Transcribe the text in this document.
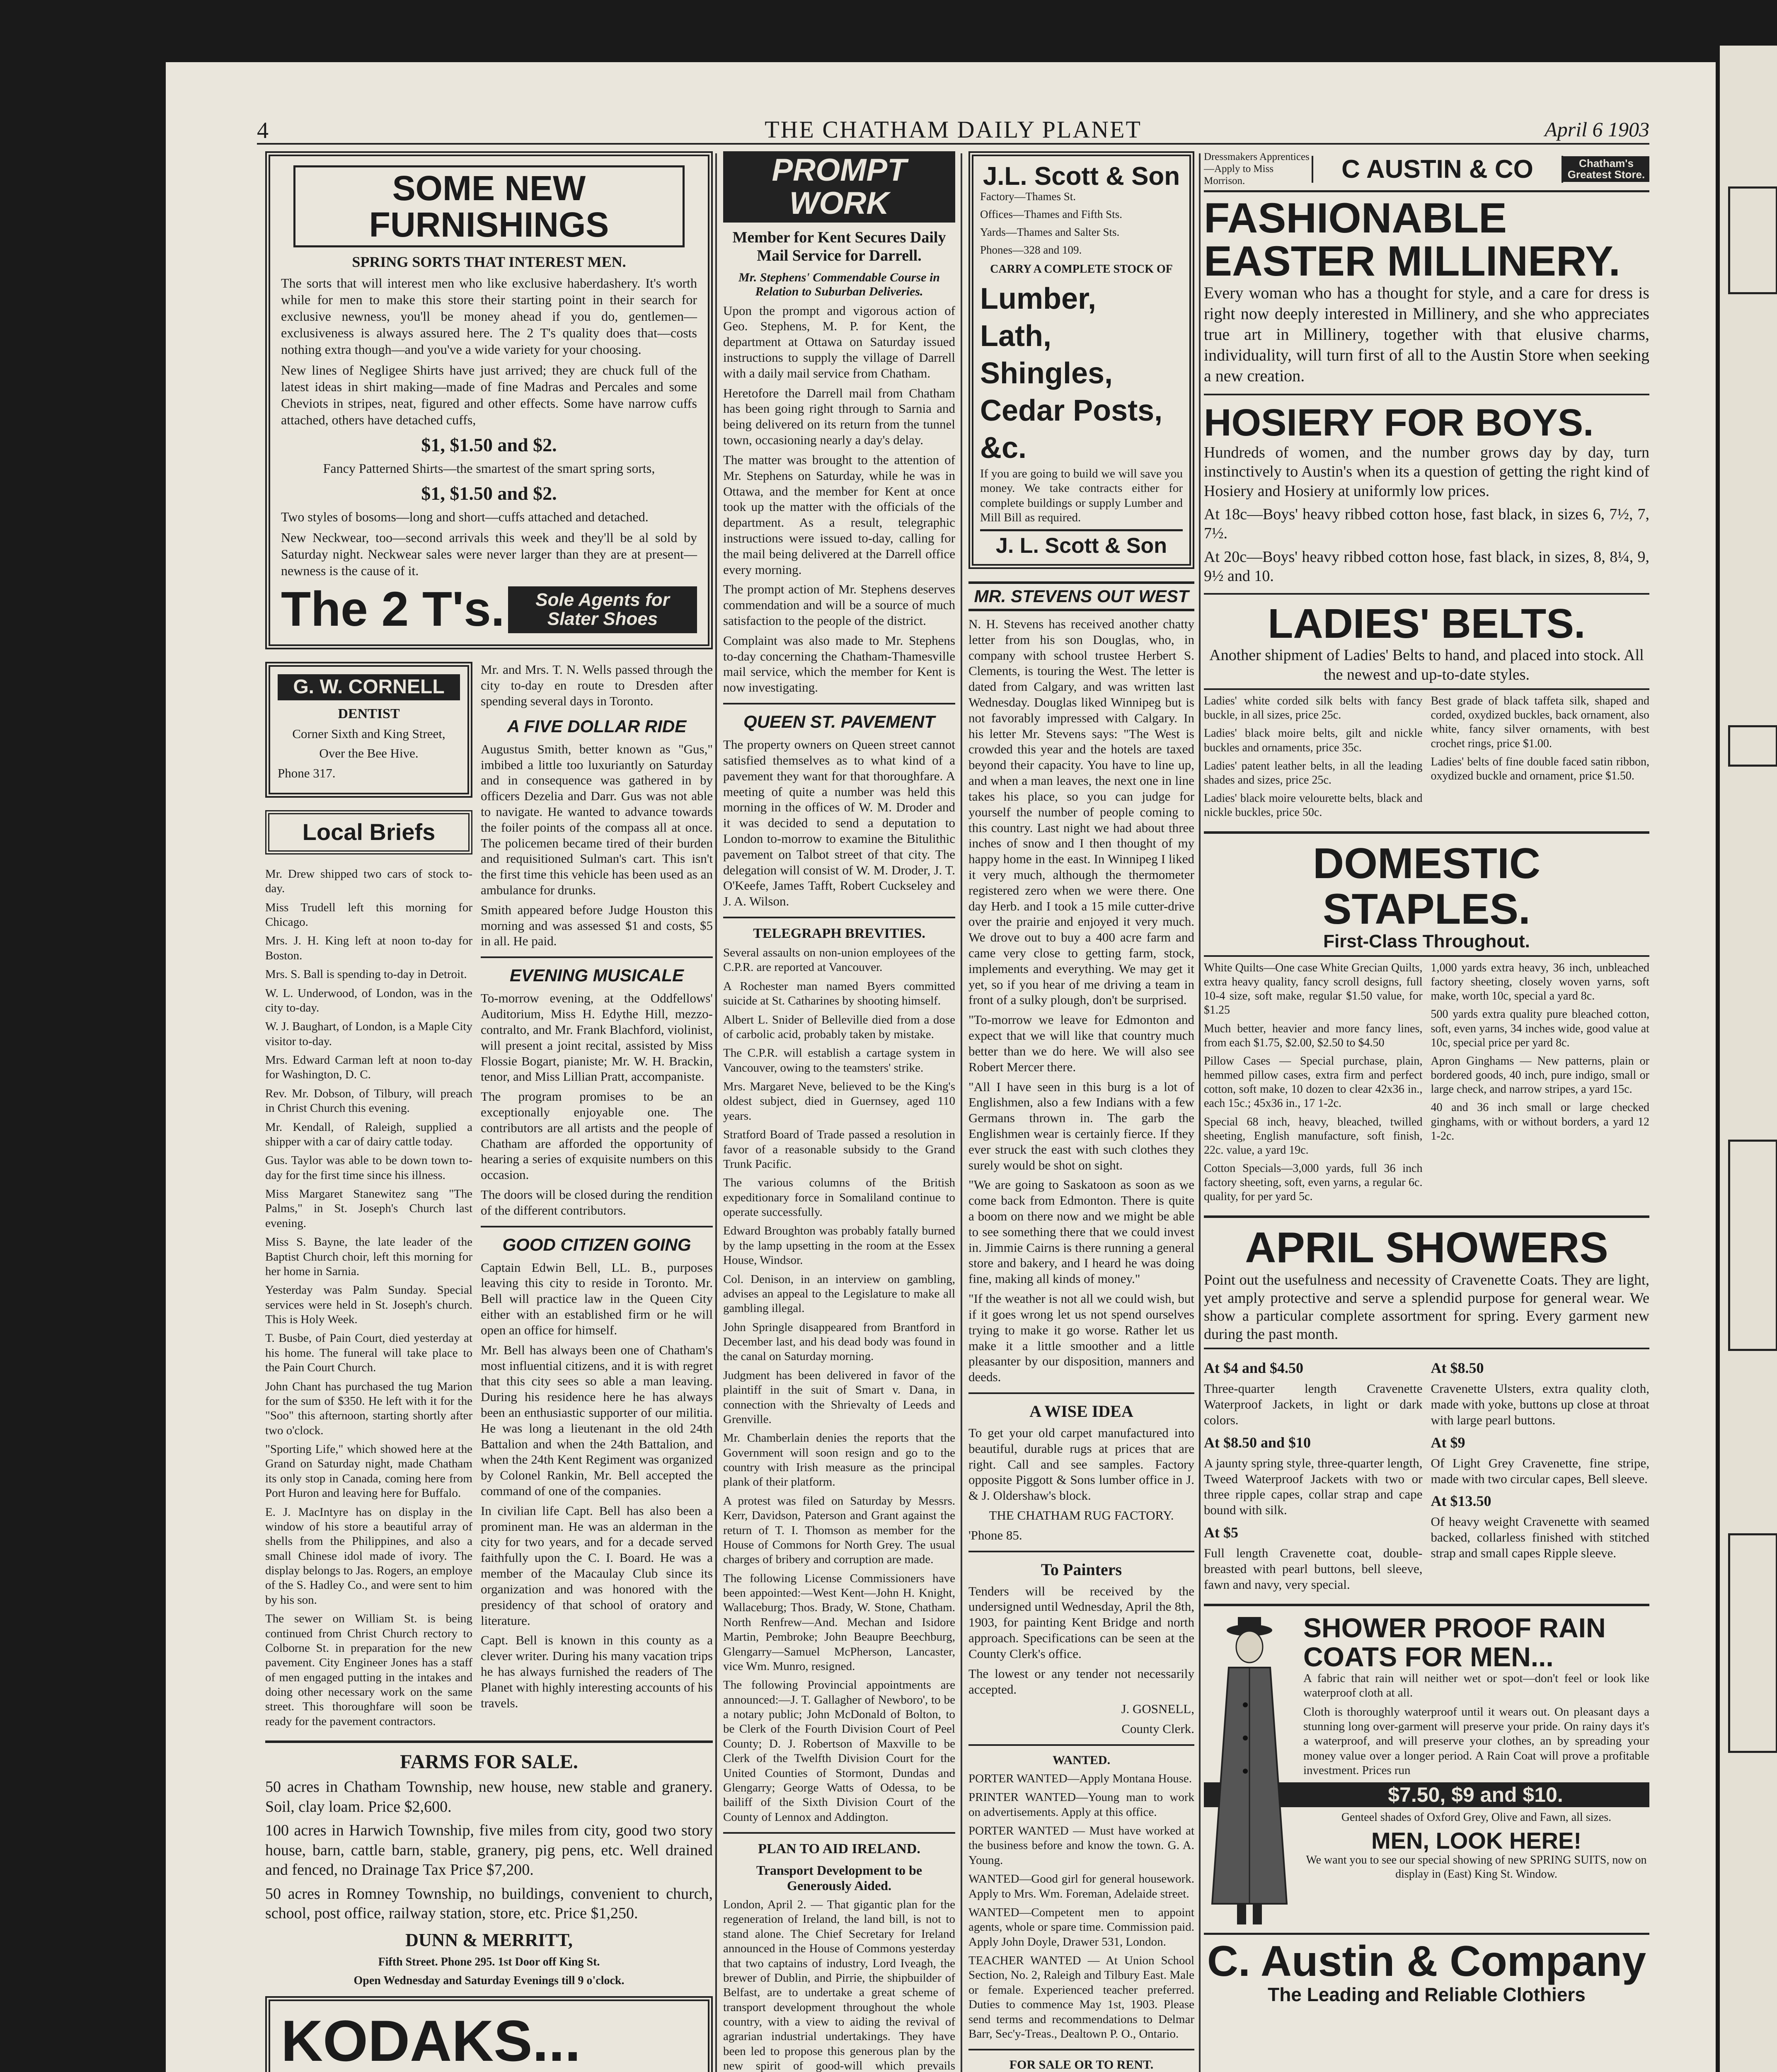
4	THE CHATHAM DAILY PLANET	April 6 1903
SOME NEW FURNISHINGS
SPRING SORTS THAT INTEREST MEN.

The sorts that will interest men who like exclusive haberdashery. It's worth while for men to make this store their starting point in their search for exclusive newness, you'll be money ahead if you do, gentlemen—exclusiveness is always assured here. The 2 T's quality does that—costs nothing extra though—and you've a wide variety for your choosing.

New lines of Negligee Shirts have just arrived; they are chuck full of the latest ideas in shirt making—made of fine Madras and Percales and some Cheviots in stripes, neat, figured and other effects. Some have narrow cuffs attached, others have detached cuffs,

$1, $1.50 and $2.

Fancy Patterned Shirts—the smartest of the smart spring sorts,

$1, $1.50 and $2.

Two styles of bosoms—long and short—cuffs attached and detached.

New Neckwear, too—second arrivals this week and they'll be al sold by Saturday night. Neckwear sales were never larger than they are at present—newness is the cause of it.

The 2 T's.	Sole Agents for Slater Shoes
G. W. CORNELL
DENTIST

Corner Sixth and King Street,

Over the Bee Hive.

Phone 317.

Local Briefs

Mr. Drew shipped two cars of stock to-day.

Miss Trudell left this morning for Chicago.

Mrs. J. H. King left at noon to-day for Boston.

Mrs. S. Ball is spending to-day in Detroit.

W. L. Underwood, of London, was in the city to-day.

W. J. Baughart, of London, is a Maple City visitor to-day.

Mrs. Edward Carman left at noon to-day for Washington, D. C.

Rev. Mr. Dobson, of Tilbury, will preach in Christ Church this evening.

Mr. Kendall, of Raleigh, supplied a shipper with a car of dairy cattle today.

Gus. Taylor was able to be down town to-day for the first time since his illness.

Miss Margaret Stanewitez sang "The Palms," in St. Joseph's Church last evening.

Miss S. Bayne, the late leader of the Baptist Church choir, left this morning for her home in Sarnia.

Yesterday was Palm Sunday. Special services were held in St. Joseph's church. This is Holy Week.

T. Busbe, of Pain Court, died yesterday at his home. The funeral will take place to the Pain Court Church.

John Chant has purchased the tug Marion for the sum of $350. He left with it for the "Soo" this afternoon, starting shortly after two o'clock.

"Sporting Life," which showed here at the Grand on Saturday night, made Chatham its only stop in Canada, coming here from Port Huron and leaving here for Buffalo.

E. J. MacIntyre has on display in the window of his store a beautiful array of shells from the Philippines, and also a small Chinese idol made of ivory. The display belongs to Jas. Rogers, an employe of the S. Hadley Co., and were sent to him by his son.

The sewer on William St. is being continued from Christ Church rectory to Colborne St. in preparation for the new pavement. City Engineer Jones has a staff of men engaged putting in the intakes and doing other necessary work on the same street. This thoroughfare will soon be ready for the pavement contractors.

Mr. and Mrs. T. N. Wells passed through the city to-day en route to Dresden after spending several days in Toronto.

A FIVE DOLLAR RIDE

Augustus Smith, better known as "Gus," imbibed a little too luxuriantly on Saturday and in consequence was gathered in by officers Dezelia and Darr. Gus was not able to navigate. He wanted to advance towards the foiler points of the compass all at once. The policemen became tired of their burden and requisitioned Sulman's cart. This isn't the first time this vehicle has been used as an ambulance for drunks.

Smith appeared before Judge Houston this morning and was assessed $1 and costs, $5 in all. He paid.

EVENING MUSICALE

To-morrow evening, at the Oddfellows' Auditorium, Miss H. Edythe Hill, mezzo-contralto, and Mr. Frank Blachford, violinist, will present a joint recital, assisted by Miss Flossie Bogart, pianiste; Mr. W. H. Brackin, tenor, and Miss Lillian Pratt, accompaniste.

The program promises to be an exceptionally enjoyable one. The contributors are all artists and the people of Chatham are afforded the opportunity of hearing a series of exquisite numbers on this occasion.

The doors will be closed during the rendition of the different contributors.

GOOD CITIZEN GOING

Captain Edwin Bell, LL. B., purposes leaving this city to reside in Toronto. Mr. Bell will practice law in the Queen City either with an established firm or he will open an office for himself.

Mr. Bell has always been one of Chatham's most influential citizens, and it is with regret that this city sees so able a man leaving. During his residence here he has always been an enthusiastic supporter of our militia. He was long a lieutenant in the old 24th Battalion and when the 24th Battalion, and when the 24th Kent Regiment was organized by Colonel Rankin, Mr. Bell accepted the command of one of the companies.

In civilian life Capt. Bell has also been a prominent man. He was an alderman in the city for two years, and for a decade served faithfully upon the C. I. Board. He was a member of the Macaulay Club since its organization and was honored with the presidency of that school of oratory and literature.

Capt. Bell is known in this county as a clever writer. During his many vacation trips he has always furnished the readers of The Planet with highly interesting accounts of his travels.

FARMS FOR SALE.

50 acres in Chatham Township, new house, new stable and granery. Soil, clay loam. Price $2,600.

100 acres in Harwich Township, five miles from city, good two story house, barn, cattle barn, stable, granery, pig pens, etc. Well drained and fenced, no Drainage Tax Price $7,200.

50 acres in Romney Township, no buildings, convenient to church, school, post office, railway station, store, etc. Price $1,250.

DUNN & MERRITT,

Fifth Street. Phone 295. 1st Door off King St.

Open Wednesday and Saturday Evenings till 9 o'clock.

KODAKS...

PROMPT WORK
Member for Kent Secures Daily Mail Service for Darrell.
Mr. Stephens' Commendable Course in Relation to Suburban Deliveries.

Upon the prompt and vigorous action of Geo. Stephens, M. P. for Kent, the department at Ottawa on Saturday issued instructions to supply the village of Darrell with a daily mail service from Chatham.

Heretofore the Darrell mail from Chatham has been going right through to Sarnia and being delivered on its return from the tunnel town, occasioning nearly a day's delay.

The matter was brought to the attention of Mr. Stephens on Saturday, while he was in Ottawa, and the member for Kent at once took up the matter with the officials of the department. As a result, telegraphic instructions were issued to-day, calling for the mail being delivered at the Darrell office every morning.

The prompt action of Mr. Stephens deserves commendation and will be a source of much satisfaction to the people of the district.

Complaint was also made to Mr. Stephens to-day concerning the Chatham-Thamesville mail service, which the member for Kent is now investigating.

QUEEN ST. PAVEMENT

The property owners on Queen street cannot satisfied themselves as to what kind of a pavement they want for that thoroughfare. A meeting of quite a number was held this morning in the offices of W. M. Droder and it was decided to send a deputation to London to-morrow to examine the Bitulithic pavement on Talbot street of that city. The delegation will consist of W. M. Droder, J. T. O'Keefe, James Tafft, Robert Cuckseley and J. A. Wilson.

TELEGRAPH BREVITIES.

Several assaults on non-union employees of the C.P.R. are reported at Vancouver.

A Rochester man named Byers committed suicide at St. Catharines by shooting himself.

Albert L. Snider of Belleville died from a dose of carbolic acid, probably taken by mistake.

The C.P.R. will establish a cartage system in Vancouver, owing to the teamsters' strike.

Mrs. Margaret Neve, believed to be the King's oldest subject, died in Guernsey, aged 110 years.

Stratford Board of Trade passed a resolution in favor of a reasonable subsidy to the Grand Trunk Pacific.

The various columns of the British expeditionary force in Somaliland continue to operate successfully.

Edward Broughton was probably fatally burned by the lamp upsetting in the room at the Essex House, Windsor.

Col. Denison, in an interview on gambling, advises an appeal to the Legislature to make all gambling illegal.

John Springle disappeared from Brantford in December last, and his dead body was found in the canal on Saturday morning.

Judgment has been delivered in favor of the plaintiff in the suit of Smart v. Dana, in connection with the Shrievalty of Leeds and Grenville.

Mr. Chamberlain denies the reports that the Government will soon resign and go to the country with Irish measure as the principal plank of their platform.

A protest was filed on Saturday by Messrs. Kerr, Davidson, Paterson and Grant against the return of T. I. Thomson as member for the House of Commons for North Grey. The usual charges of bribery and corruption are made.

The following License Commissioners have been appointed:—West Kent—John H. Knight, Wallaceburg; Thos. Brady, W. Stone, Chatham. North Renfrew—And. Mechan and Isidore Martin, Pembroke; John Beaupre Beechburg, Glengarry—Samuel McPherson, Lancaster, vice Wm. Munro, resigned.

The following Provincial appointments are announced:—J. T. Gallagher of Newboro', to be a notary public; John McDonald of Bolton, to be Clerk of the Fourth Division Court of Peel County; D. J. Robertson of Maxville to be Clerk of the Twelfth Division Court for the United Counties of Stormont, Dundas and Glengarry; George Watts of Odessa, to be bailiff of the Sixth Division Court of the County of Lennox and Addington.

PLAN TO AID IRELAND.
Transport Development to be Generously Aided.

London, April 2. — That gigantic plan for the regeneration of Ireland, the land bill, is not to stand alone. The Chief Secretary for Ireland announced in the House of Commons yesterday that two captains of industry, Lord Iveagh, the brewer of Dublin, and Pirrie, the shipbuilder of Belfast, are to undertake a great scheme of transport development throughout the whole country, with a view to aiding the revival of agrarian industrial undertakings. They have been led to propose this generous plan by the new spirit of good-will which prevails

J.L. Scott & Son

Factory—Thames St.

Offices—Thames and Fifth Sts.

Yards—Thames and Salter Sts.

Phones—328 and 109.

CARRY A COMPLETE STOCK OF
Lumber,
Lath,
Shingles,
Cedar Posts,
&c.

If you are going to build we will save you money. We take contracts either for complete buildings or supply Lumber and Mill Bill as required.

J. L. Scott & Son
MR. STEVENS OUT WEST

N. H. Stevens has received another chatty letter from his son Douglas, who, in company with school trustee Herbert S. Clements, is touring the West. The letter is dated from Calgary, and was written last Wednesday. Douglas liked Winnipeg but is not favorably impressed with Calgary. In his letter Mr. Stevens says: "The West is crowded this year and the hotels are taxed beyond their capacity. You have to line up, and when a man leaves, the next one in line takes his place, so you can judge for yourself the number of people coming to this country. Last night we had about three inches of snow and I then thought of my happy home in the east. In Winnipeg I liked it very much, although the thermometer registered zero when we were there. One day Herb. and I took a 15 mile cutter-drive over the prairie and enjoyed it very much. We drove out to buy a 400 acre farm and came very close to getting farm, stock, implements and everything. We may get it yet, so if you hear of me driving a team in front of a sulky plough, don't be surprised.

"To-morrow we leave for Edmonton and expect that we will like that country much better than we do here. We will also see Robert Mercer there.

"All I have seen in this burg is a lot of Englishmen, also a few Indians with a few Germans thrown in. The garb the Englishmen wear is certainly fierce. If they ever struck the east with such clothes they surely would be shot on sight.

"We are going to Saskatoon as soon as we come back from Edmonton. There is quite a boom on there now and we might be able to see something there that we could invest in. Jimmie Cairns is there running a general store and bakery, and I heard he was doing fine, making all kinds of money."

"If the weather is not all we could wish, but if it goes wrong let us not spend ourselves trying to make it go worse. Rather let us make it a little smoother and a little pleasanter by our disposition, manners and deeds.

A WISE IDEA

To get your old carpet manufactured into beautiful, durable rugs at prices that are right. Call and see samples. Factory opposite Piggott & Sons lumber office in J. & J. Oldershaw's block.

THE CHATHAM RUG FACTORY.

'Phone 85.

To Painters

Tenders will be received by the undersigned until Wednesday, April the 8th, 1903, for painting Kent Bridge and north approach. Specifications can be seen at the County Clerk's office.

The lowest or any tender not necessarily accepted.

J. GOSNELL,

County Clerk.

WANTED.

PORTER WANTED—Apply Montana House.

PRINTER WANTED—Young man to work on advertisements. Apply at this office.

PORTER WANTED — Must have worked at the business before and know the town. G. A. Young.

WANTED—Good girl for general housework. Apply to Mrs. Wm. Foreman, Adelaide street.

WANTED—Competent men to appoint agents, whole or spare time. Commission paid. Apply John Doyle, Drawer 531, London.

TEACHER WANTED — At Union School Section, No. 2, Raleigh and Tilbury East. Male or female. Experienced teacher preferred. Duties to commence May 1st, 1903. Please send terms and recommendations to Delmar Barr, Sec'y-Treas., Dealtown P. O., Ontario.

FOR SALE OR TO RENT.

Dressmakers Apprentices—Apply to Miss Morrison.	C AUSTIN & CO	Chatham's Greatest Store.
FASHIONABLE EASTER MILLINERY.

Every woman who has a thought for style, and a care for dress is right now deeply interested in Millinery, and she who appreciates true art in Millinery, together with that elusive charms, individuality, will turn first of all to the Austin Store when seeking a new creation.

HOSIERY FOR BOYS.

Hundreds of women, and the number grows day by day, turn instinctively to Austin's when its a question of getting the right kind of Hosiery and Hosiery at uniformly low prices.

At 18c—Boys' heavy ribbed cotton hose, fast black, in sizes 6, 7½, 7, 7½.

At 20c—Boys' heavy ribbed cotton hose, fast black, in sizes, 8, 8¼, 9, 9½ and 10.

LADIES' BELTS.

Another shipment of Ladies' Belts to hand, and placed into stock. All the newest and up-to-date styles.

Ladies' white corded silk belts with fancy buckle, in all sizes, price 25c.

Ladies' black moire belts, gilt and nickle buckles and ornaments, price 35c.

Ladies' patent leather belts, in all the leading shades and sizes, price 25c.

Ladies' black moire velourette belts, black and nickle buckles, price 50c.

Best grade of black taffeta silk, shaped and corded, oxydized buckles, back ornament, also white, fancy silver ornaments, with best crochet rings, price $1.00.

Ladies' belts of fine double faced satin ribbon, oxydized buckle and ornament, price $1.50.

DOMESTIC STAPLES.
First-Class Throughout.

White Quilts—One case White Grecian Quilts, extra heavy quality, fancy scroll designs, full 10-4 size, soft make, regular $1.50 value, for $1.25

Much better, heavier and more fancy lines, from each $1.75, $2.00, $2.50 to $4.50

Pillow Cases — Special purchase, plain, hemmed pillow cases, extra firm and perfect cotton, soft make, 10 dozen to clear 42x36 in., each 15c.; 45x36 in., 17 1-2c.

Special 68 inch, heavy, bleached, twilled sheeting, English manufacture, soft finish, 22c. value, a yard 19c.

Cotton Specials—3,000 yards, full 36 inch factory sheeting, soft, even yarns, a regular 6c. quality, for per yard 5c.

1,000 yards extra heavy, 36 inch, unbleached factory sheeting, closely woven yarns, soft make, worth 10c, special a yard 8c.

500 yards extra quality pure bleached cotton, soft, even yarns, 34 inches wide, good value at 10c, special price per yard 8c.

Apron Ginghams — New patterns, plain or bordered goods, 40 inch, pure indigo, small or large check, and narrow stripes, a yard 15c.

40 and 36 inch small or large checked ginghams, with or without borders, a yard 12 1-2c.

APRIL SHOWERS

Point out the usefulness and necessity of Cravenette Coats. They are light, yet amply protective and serve a splendid purpose for general wear. We show a particular complete assortment for spring. Every garment new during the past month.

At $4 and $4.50

Three-quarter length Cravenette Waterproof Jackets, in light or dark colors.

At $8.50 and $10

A jaunty spring style, three-quarter length, Tweed Waterproof Jackets with two or three ripple capes, collar strap and cape bound with silk.

At $5

Full length Cravenette coat, double-breasted with pearl buttons, bell sleeve, fawn and navy, very special.

At $8.50

Cravenette Ulsters, extra quality cloth, made with yoke, buttons up close at throat with large pearl buttons.

At $9

Of Light Grey Cravenette, fine stripe, made with two circular capes, Bell sleeve.

At $13.50

Of heavy weight Cravenette with seamed backed, collarless finished with stitched strap and small capes Ripple sleeve.

SHOWER PROOF RAIN COATS FOR MEN...

A fabric that rain will neither wet or spot—don't feel or look like waterproof cloth at all.

Cloth is thoroughly waterproof until it wears out. On pleasant days a stunning long over-garment will preserve your pride. On rainy days it's a waterproof, and will preserve your clothes, an by spreading your money value over a longer period. A Rain Coat will prove a profitable investment. Prices run

$7.50, $9 and $10.

Genteel shades of Oxford Grey, Olive and Fawn, all sizes.

MEN, LOOK HERE!

We want you to see our special showing of new SPRING SUITS, now on display in (East) King St. Window.

C. Austin & Company
The Leading and Reliable Clothiers
